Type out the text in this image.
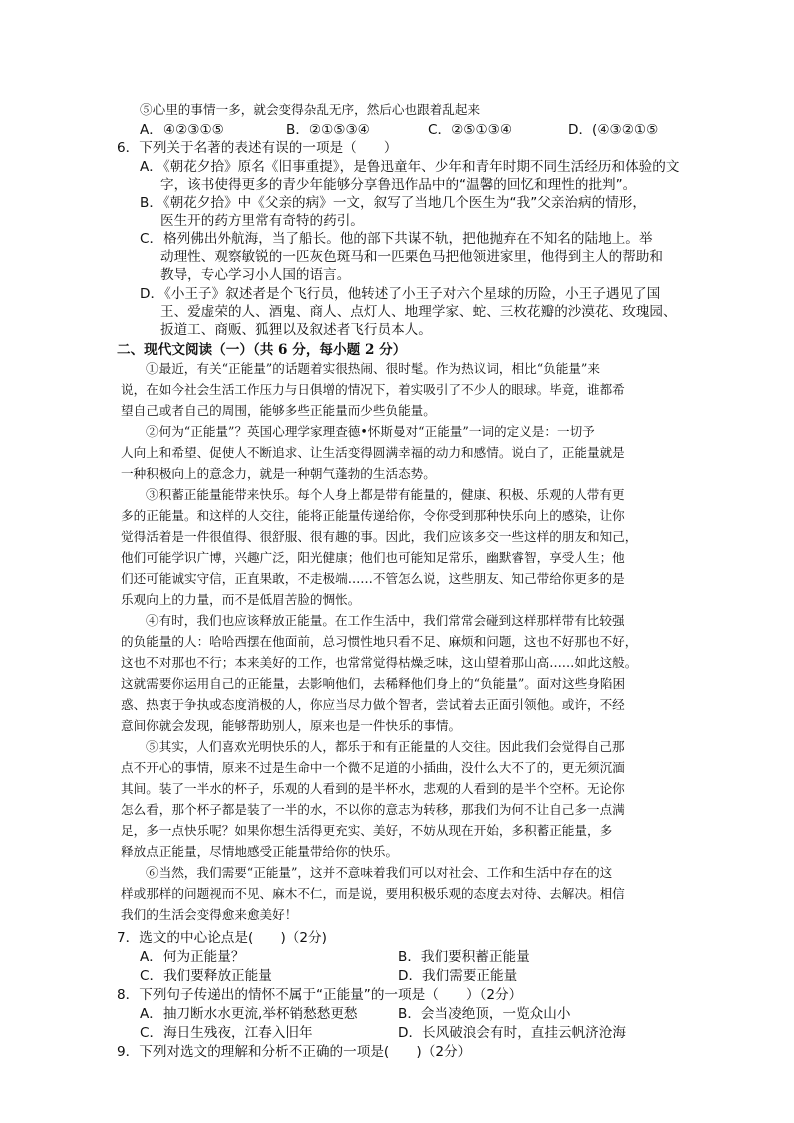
⑤心里的事情一多，就会变得杂乱无序，然后心也跟着乱起来
A．④②③①⑤	B．②①⑤③④	C．②⑤①③④	D．(④③②①⑤
6．下列关于名著的表述有误的一项是（　　）
A．《朝花夕拾》原名《旧事重提》，是鲁迅童年、少年和青年时期不同生活经历和体验的文
字，该书使得更多的青少年能够分享鲁迅作品中的“温馨的回忆和理性的批判”。
B．《朝花夕拾》中《父亲的病》一文，叙写了当地几个医生为“我”父亲治病的情形，
医生开的药方里常有奇特的药引。
C．格列佛出外航海，当了船长。他的部下共谋不轨，把他抛弃在不知名的陆地上。举
动理性、观察敏锐的一匹灰色斑马和一匹栗色马把他领进家里，他得到主人的帮助和
教导，专心学习小人国的语言。
D．《小王子》叙述者是个飞行员，他转述了小王子对六个星球的历险，小王子遇见了国
王、爱虚荣的人、酒鬼、商人、点灯人、地理学家、蛇、三枚花瓣的沙漠花、玫瑰园、
扳道工、商贩、狐狸以及叙述者飞行员本人。
二、现代文阅读（一）（共 6 分，每小题 2 分）
①最近，有关“正能量”的话题着实很热闹、很时髦。作为热议词，相比“负能量”来
说，在如今社会生活工作压力与日俱增的情况下，着实吸引了不少人的眼球。毕竟，谁都希
望自己或者自己的周围，能够多些正能量而少些负能量。
②何为“正能量”？英国心理学家理查德•怀斯曼对“正能量”一词的定义是：一切予
人向上和希望、促使人不断追求、让生活变得圆满幸福的动力和感情。说白了，正能量就是
一种积极向上的意念力，就是一种朝气蓬勃的生活态势。
③积蓄正能量能带来快乐。每个人身上都是带有能量的，健康、积极、乐观的人带有更
多的正能量。和这样的人交往，能将正能量传递给你，令你受到那种快乐向上的感染，让你
觉得活着是一件很值得、很舒服、很有趣的事。因此，我们应该多交一些这样的朋友和知己，
他们可能学识广博，兴趣广泛，阳光健康；他们也可能知足常乐，幽默睿智，享受人生；他
们还可能诚实守信，正直果敢，不走极端……不管怎么说，这些朋友、知己带给你更多的是
乐观向上的力量，而不是低眉苦脸的惆怅。
④有时，我们也应该释放正能量。在工作生活中，我们常常会碰到这样那样带有比较强
的负能量的人：哈哈西摆在他面前，总习惯性地只看不足、麻烦和问题，这也不好那也不好，
这也不对那也不行；本来美好的工作，也常常觉得枯燥乏味，这山望着那山高……如此这般。
这就需要你运用自己的正能量，去影响他们，去稀释他们身上的“负能量”。面对这些身陷困
惑、热衷于争执或态度消极的人，你应当尽力做个智者，尝试着去正面引领他。或许，不经
意间你就会发现，能够帮助别人，原来也是一件快乐的事情。
⑤其实，人们喜欢光明快乐的人，都乐于和有正能量的人交往。因此我们会觉得自己那
点不开心的事情，原来不过是生命中一个微不足道的小插曲，没什么大不了的，更无须沉湎
其间。装了一半水的杯子，乐观的人看到的是半杯水，悲观的人看到的是半个空杯。无论你
怎么看，那个杯子都是装了一半的水，不以你的意志为转移，那我们为何不让自己多一点满
足，多一点快乐呢？如果你想生活得更充实、美好，不妨从现在开始，多积蓄正能量，多
释放点正能量，尽情地感受正能量带给你的快乐。
⑥当然，我们需要“正能量”，这并不意味着我们可以对社会、工作和生活中存在的这
样或那样的问题视而不见、麻木不仁，而是说，要用积极乐观的态度去对待、去解决。相信
我们的生活会变得愈来愈美好！
7．选文的中心论点是(　　)（2分)
A．何为正能量？	B．我们要积蓄正能量
C．我们要释放正能量	D．我们需要正能量
8．下列句子传递出的情怀不属于“正能量”的一项是（　　）（2分）
A．抽刀断水水更流,举杯销愁愁更愁	B．会当凌绝顶，一览众山小
C．海日生残夜，江春入旧年	D．长风破浪会有时，直挂云帆济沧海
9．下列对选文的理解和分析不正确的一项是(　　)（2分）
